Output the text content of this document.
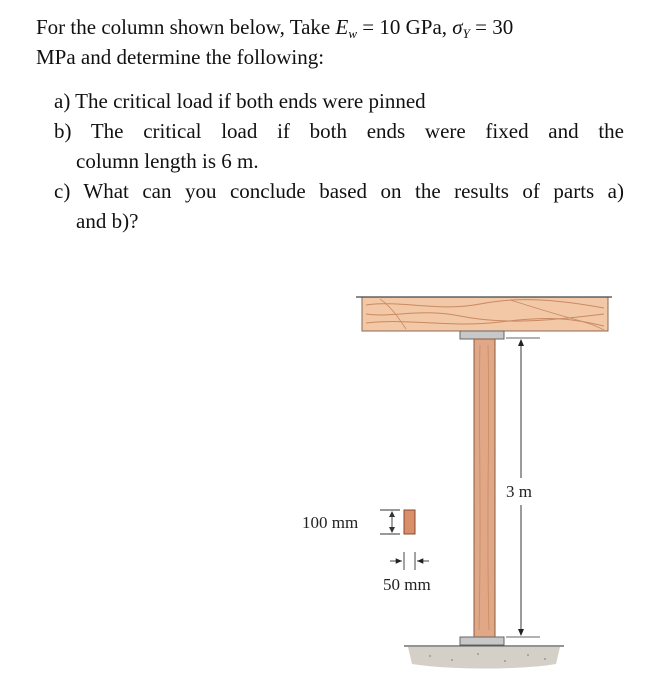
For the column shown below, Take $E_w = 10$ GPa, $\sigma_Y = 30$
MPa and determine the following:

a) The critical load if both ends were pinned

b) The critical load if both ends were fixed and the
column length is 6 m.

c) What can you conclude based on the results of parts a)
and b)?

3 m
100 mm
50 mm
